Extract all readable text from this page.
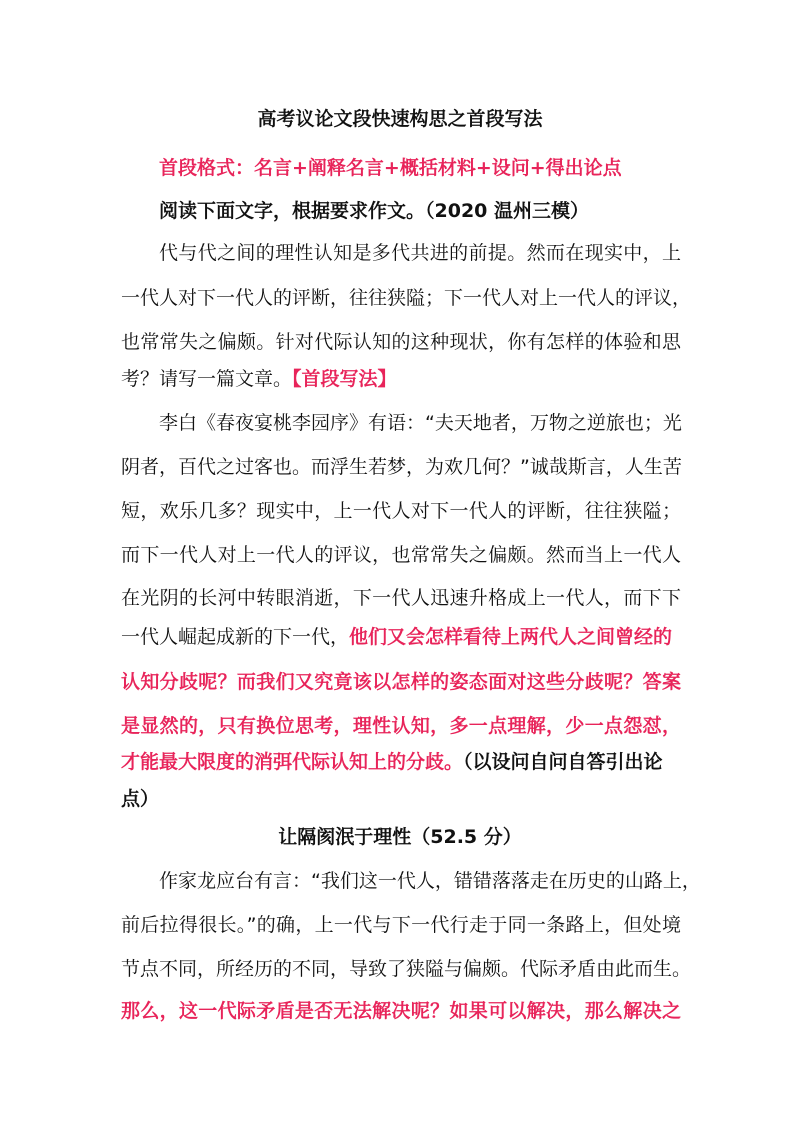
高考议论文段快速构思之首段写法
首段格式：名言+阐释名言+概括材料+设问+得出论点
阅读下面文字，根据要求作文。（2020 温州三模）
代与代之间的理性认知是多代共进的前提。然而在现实中，上
一代人对下一代人的评断，往往狭隘；下一代人对上一代人的评议，
也常常失之偏颇。针对代际认知的这种现状，你有怎样的体验和思
考？请写一篇文章。【首段写法】
李白《春夜宴桃李园序》有语：“夫天地者，万物之逆旅也；光
阴者，百代之过客也。而浮生若梦，为欢几何？”诚哉斯言，人生苦
短，欢乐几多？现实中，上一代人对下一代人的评断，往往狭隘；
而下一代人对上一代人的评议，也常常失之偏颇。然而当上一代人
在光阴的长河中转眼消逝，下一代人迅速升格成上一代人，而下下
一代人崛起成新的下一代，他们又会怎样看待上两代人之间曾经的
认知分歧呢？而我们又究竟该以怎样的姿态面对这些分歧呢？答案
是显然的，只有换位思考，理性认知，多一点理解，少一点怨怼，
才能最大限度的消弭代际认知上的分歧。（以设问自问自答引出论
点）
让隔阂泯于理性（52.5 分）
作家龙应台有言：“我们这一代人，错错落落走在历史的山路上，
前后拉得很长。”的确，上一代与下一代行走于同一条路上，但处境
节点不同，所经历的不同，导致了狭隘与偏颇。代际矛盾由此而生。
那么，这一代际矛盾是否无法解决呢？如果可以解决，那么解决之
